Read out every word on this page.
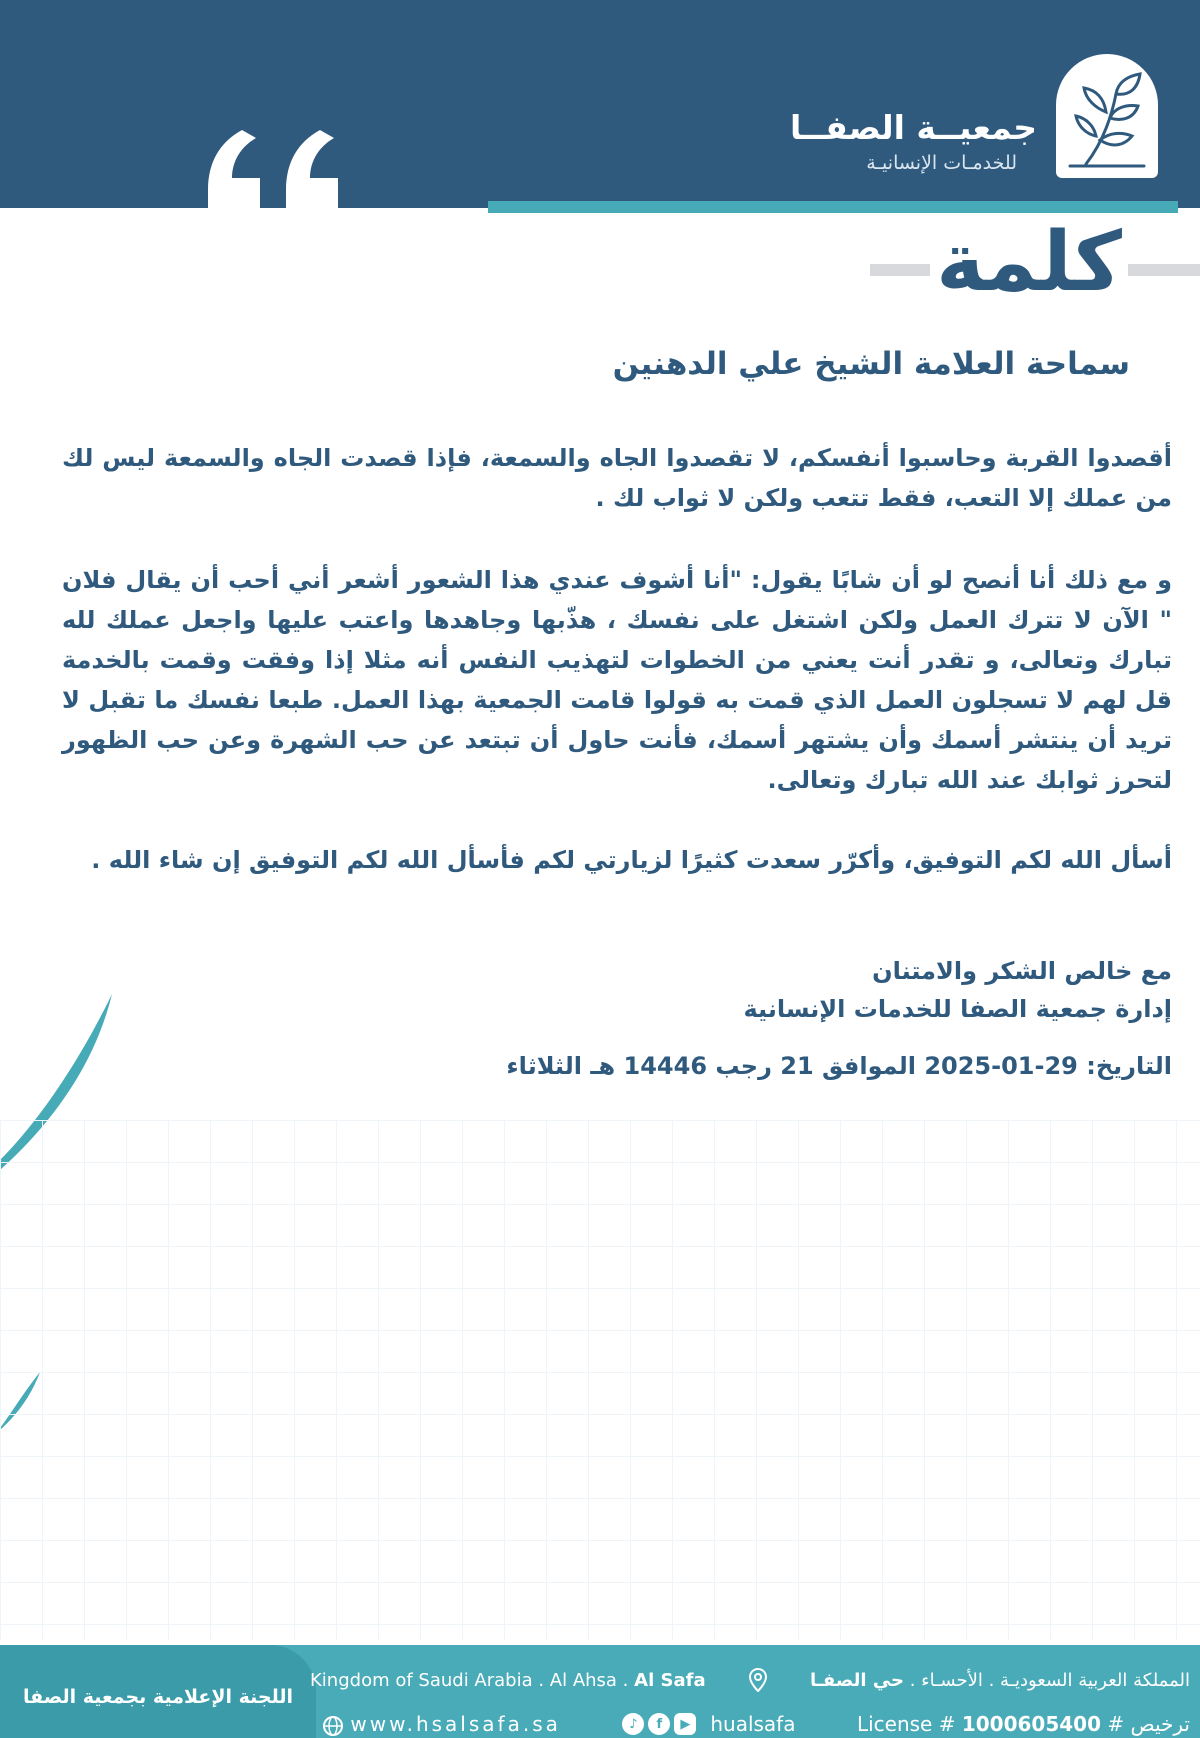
جمعيــة الصفــا
للخدمـات الإنسانيـة
كلمة
سماحة العلامة الشيخ علي الدهنين
أقصدوا القربة وحاسبوا أنفسكم، لا تقصدوا الجاه والسمعة، فإذا قصدت الجاه والسمعة ليس لك من عملك إلا التعب، فقط تتعب ولكن لا ثواب لك .
و مع ذلك أنا أنصح لو أن شابًا يقول: "أنا أشوف عندي هذا الشعور أشعر أني أحب أن يقال فلان " الآن لا تترك العمل ولكن اشتغل على نفسك ، هذّبها وجاهدها واعتب عليها واجعل عملك لله تبارك وتعالى، و تقدر أنت يعني من الخطوات لتهذيب النفس أنه مثلا إذا وفقت وقمت بالخدمة قل لهم لا تسجلون العمل الذي قمت به قولوا قامت الجمعية بهذا العمل. طبعا نفسك ما تقبل لا تريد أن ينتشر أسمك وأن يشتهر أسمك، فأنت حاول أن تبتعد عن حب الشهرة وعن حب الظهور لتحرز ثوابك عند الله تبارك وتعالى.
أسأل الله لكم التوفيق، وأكرّر سعدت كثيرًا لزيارتي لكم فأسأل الله لكم التوفيق إن شاء الله .
مع خالص الشكر والامتنان
إدارة جمعية الصفا للخدمات الإنسانية
التاريخ: 29-01-2025 الموافق 21 رجب 14446 هـ الثلاثاء
اللجنة الإعلامية بجمعية الصفا
Kingdom of Saudi Arabia . Al Ahsa . Al Safa	المملكة العربية السعوديـة . الأحسـاء . حي الصفـا
www.hsalsafa.sa	♪	f	▶	hualsafa	License # 1000605400 # ترخيص
